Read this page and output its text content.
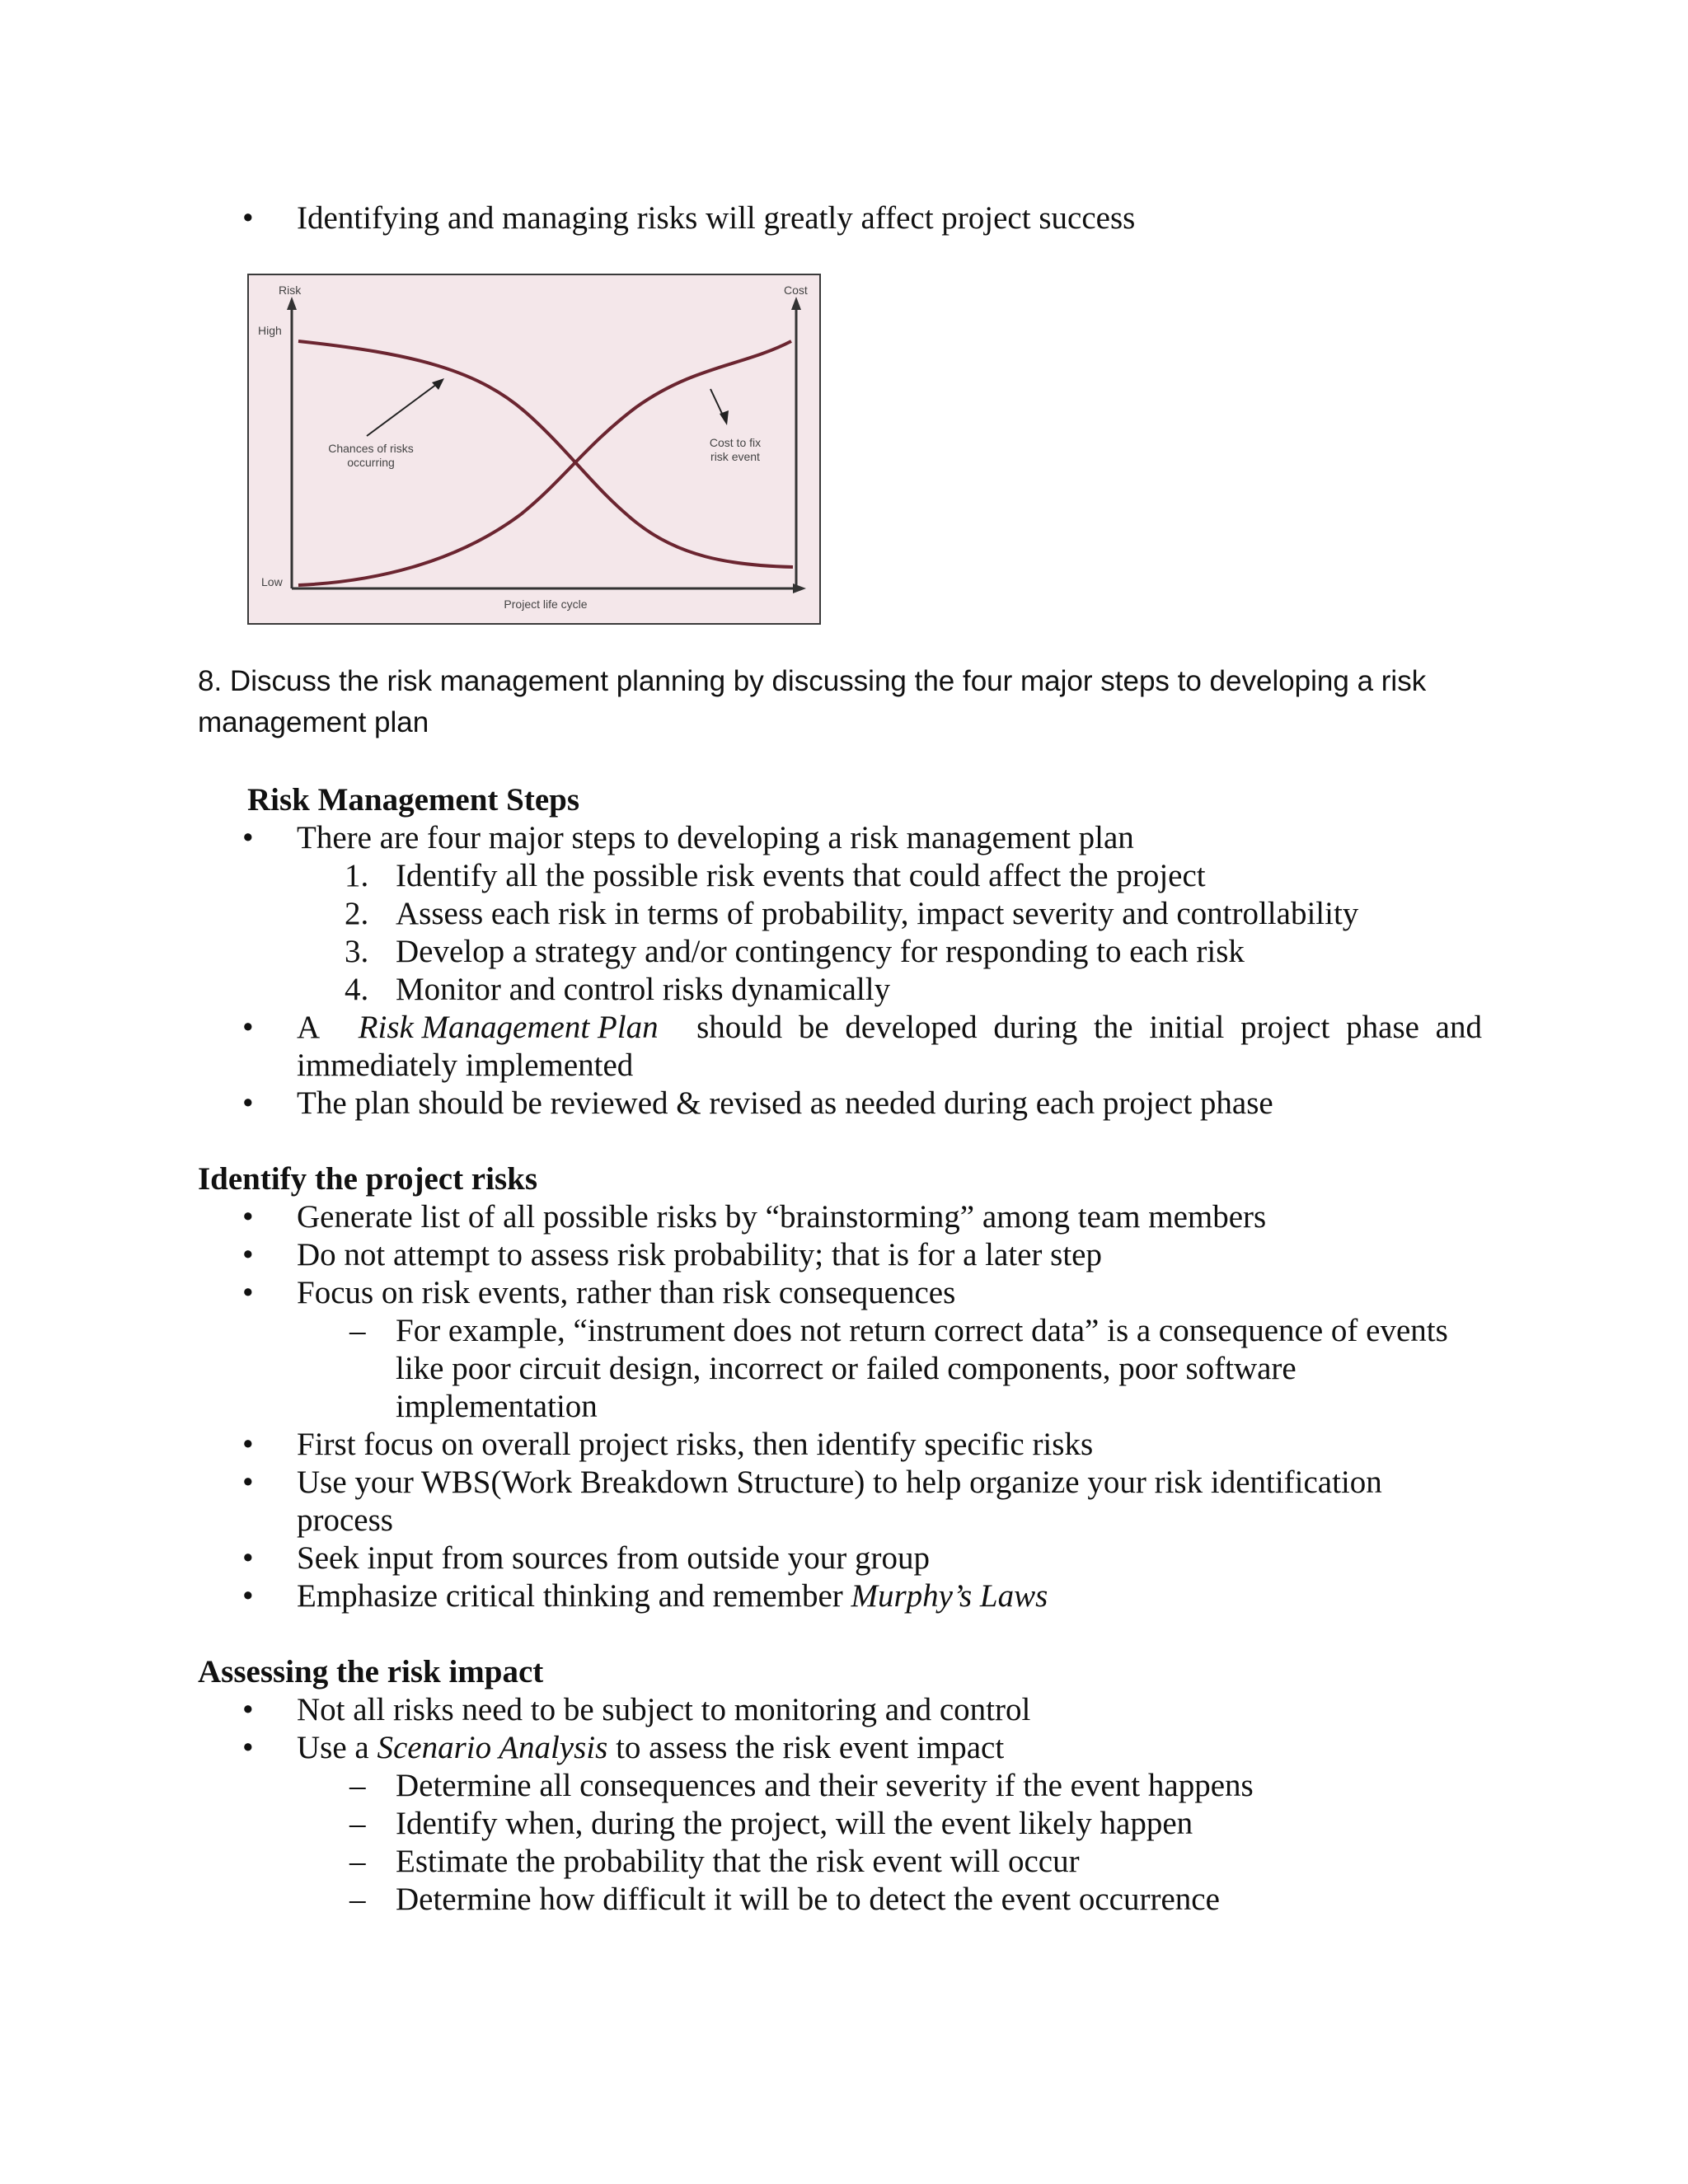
• Identifying and managing risks will greatly affect project success
Risk	Cost
High
Low
Project life cycle
Chances of risks
occurring
Cost to fix
risk event
8. Discuss the risk management planning by discussing the four major steps to developing a risk
management plan
Risk Management Steps
• There are four major steps to developing a risk management plan
1. Identify all the possible risk events that could affect the project
2. Assess each risk in terms of probability, impact severity and controllability
3. Develop a strategy and/or contingency for responding to each risk
4. Monitor and control risks dynamically
• A Risk Management Plan should be developed during the initial project phase and
immediately implemented
• The plan should be reviewed & revised as needed during each project phase
Identify the project risks
• Generate list of all possible risks by “brainstorming” among team members
• Do not attempt to assess risk probability; that is for a later step
• Focus on risk events, rather than risk consequences
– For example, “instrument does not return correct data” is a consequence of events
like poor circuit design, incorrect or failed components, poor software
implementation
• First focus on overall project risks, then identify specific risks
• Use your WBS(Work Breakdown Structure) to help organize your risk identification
process
• Seek input from sources from outside your group
• Emphasize critical thinking and remember Murphy’s Laws
Assessing the risk impact
• Not all risks need to be subject to monitoring and control
• Use a Scenario Analysis to assess the risk event impact
– Determine all consequences and their severity if the event happens
– Identify when, during the project, will the event likely happen
– Estimate the probability that the risk event will occur
– Determine how difficult it will be to detect the event occurrence
